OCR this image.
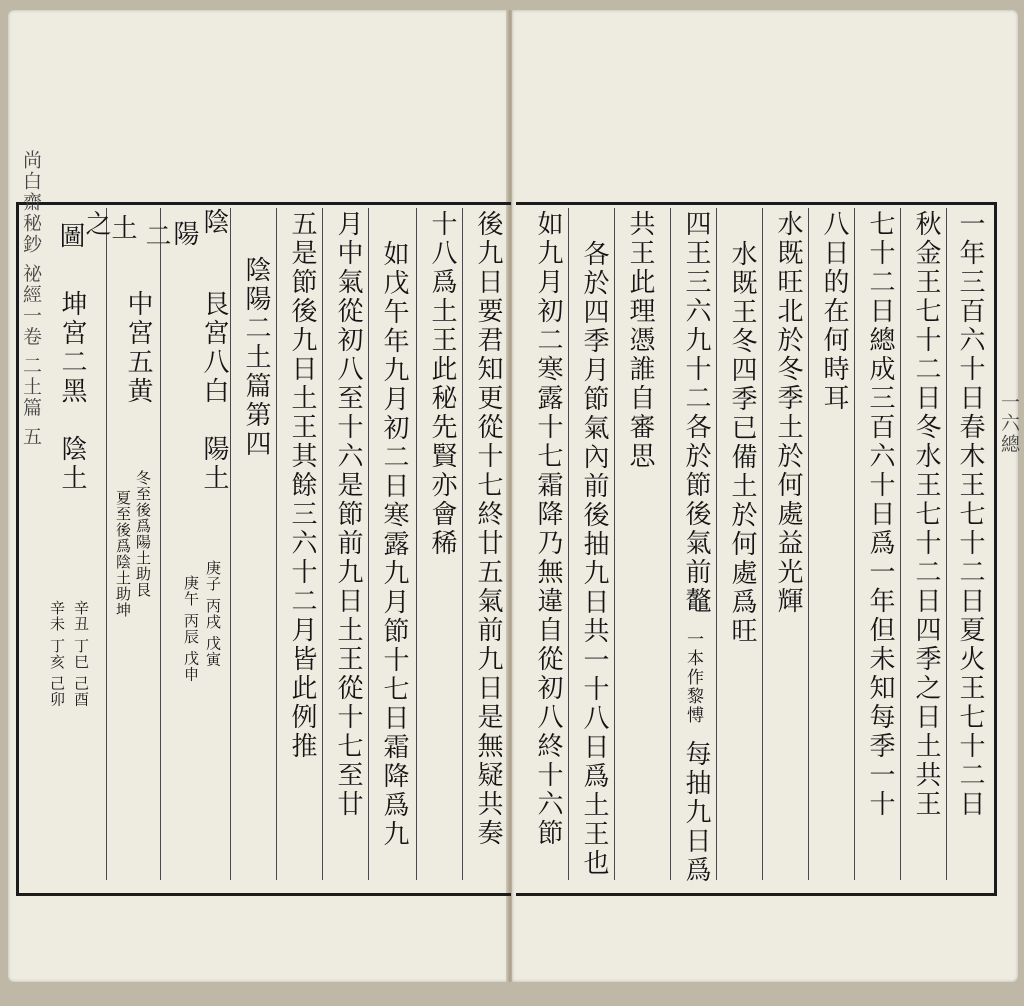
尚白齋秘鈔 祕經一卷 二土篇 五	一六總
一年三百六十日春木王七十二日夏火王七十二日
秋金王七十二日冬水王七十二日四季之日土共王
七十二日總成三百六十日爲一年但未知每季一十
八日的在何時耳
水既旺北於冬季土於何處益光輝
水既王冬四季已備土於何處爲旺
四王三六九十二各於節後氣前鼇
一本作黎愽
每抽九日爲
共王此理憑誰自審思
各於四季月節氣內前後抽九日共一十八日爲土王也
如九月初二寒露十七霜降乃無違自從初八終十六節
後九日要君知更從十七終廿五氣前九日是無疑共奏
十八爲土王此秘先賢亦會稀
如戊午年九月初二日寒露九月節十七日霜降爲九
月中氣從初八至十六是節前九日土王從十七至廿
五是節後九日土王其餘三六十二月皆此例推
陰陽二土篇第四
陰
艮宮八白　陽土
陽
庚子 丙戌 戊寅
庚午 丙辰 戊申
二
中宮五黄
冬至後爲陽土助艮
夏至後爲陰土助坤
土
之
圖
坤宮二黑　陰土
辛丑 丁巳 己酉
辛未 丁亥 己卯
